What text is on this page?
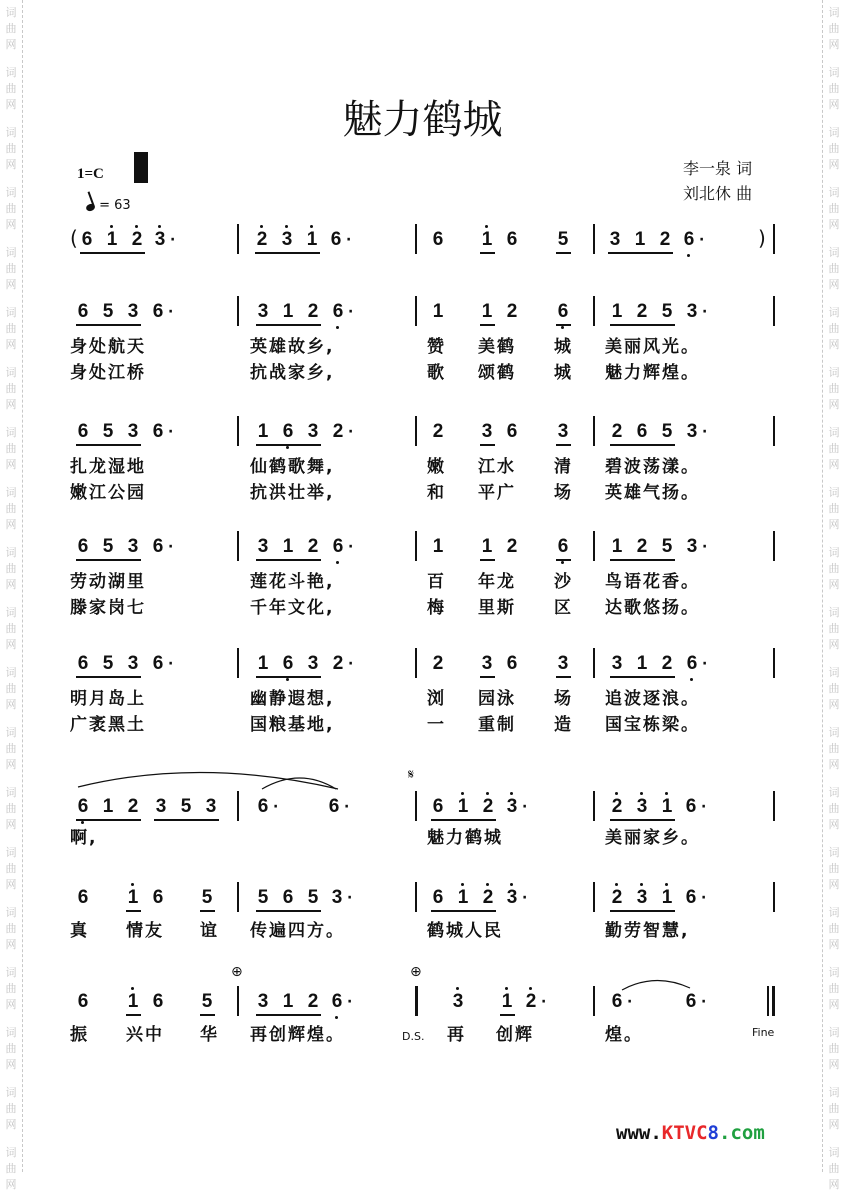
词
曲
网
词
曲
网
词
曲
网
词
曲
网
词
曲
网
词
曲
网
词
曲
网
词
曲
网
词
曲
网
词
曲
网
词
曲
网
词
曲
网
词
曲
网
词
曲
网
词
曲
网
词
曲
网
词
曲
网
词
曲
网
词
曲
网
词
曲
网
词
曲
网
词
曲
网
词
曲
网
词
曲
网
词
曲
网
词
曲
网
词
曲
网
词
曲
网
词
曲
网
词
曲
网
词
曲
网
词
曲
网
词
曲
网
词
曲
网
词
曲
网
词
曲
网
词
曲
网
词
曲
网
词
曲
网
词
曲
网
魅力鹤城
1=C
= 63
李一泉 词
刘北休 曲
( 6 1 2 3 ·	2 3 1 6 ·	6 1 6 5 3 1 2 6 ·	)
6 5 3 6 ·	3 1 2 6 ·	1 1 2 6 1 2 5 3 ·
身处航天	英雄故乡,	赞 美鹤 城 美丽风光。
身处江桥	抗战家乡,	歌 颂鹤 城 魅力辉煌。
6 5 3 6 ·	1 6 3 2 ·	2 3 6 3 2 6 5 3 ·
扎龙湿地	仙鹤歌舞,	嫩 江水 清 碧波荡漾。
嫩江公园	抗洪壮举,	和 平广 场 英雄气扬。
6 5 3 6 ·	3 1 2 6 ·	1 1 2 6 1 2 5 3 ·
劳动湖里	莲花斗艳,	百 年龙 沙 鸟语花香。
滕家岗七	千年文化,	梅 里斯 区 达歌悠扬。
6 5 3 6 ·	1 6 3 2 ·	2 3 6 3 3 1 2 6 ·
明月岛上	幽静遐想,	浏 园泳 场 追波逐浪。
广袤黑土	国粮基地,	一 重制 造 国宝栋梁。
6 1 2 3 5 3 6 ·	6 ·
𝄋
6 1 2 3 ·	2 3 1 6 ·
啊,	魅力鹤城	美丽家乡。
6 1 6 5 5 6 5 3 ·	6 1 2 3 ·	2 3 1 6 ·
真 情友 谊 传遍四方。	鹤城人民	勤劳智慧,
6 1 6 5
⊕
3 1 2 6 ·
⊕
3 1 2 ·	6 ·	6 ·
振 兴中 华 再创辉煌。	再 创辉	煌。
D.S.	Fine
www.KTVC8.com
